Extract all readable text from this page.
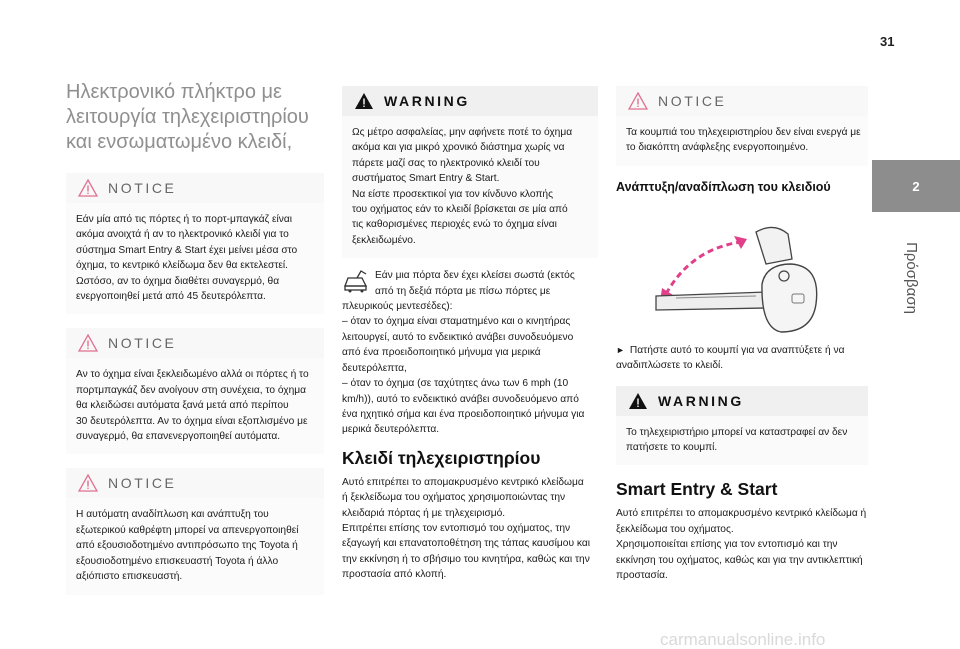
31
2
Πρόσβαση
Ηλεκτρονικό πλήκτρο με
λειτουργία τηλεχειριστηρίου
και ενσωματωμένο κλειδί,
NOTICE
Εάν μία από τις πόρτες ή το πορτ-μπαγκάζ είναι
ακόμα ανοιχτά ή αν το ηλεκτρονικό κλειδί για το
σύστημα Smart Entry & Start έχει μείνει μέσα στο
όχημα, το κεντρικό κλείδωμα δεν θα εκτελεστεί.
Ωστόσο, αν το όχημα διαθέτει συναγερμό, θα
ενεργοποιηθεί μετά από 45 δευτερόλεπτα.
NOTICE
Αν το όχημα είναι ξεκλειδωμένο αλλά οι πόρτες ή το
πορτμπαγκάζ δεν ανοίγουν στη συνέχεια, το όχημα
θα κλειδώσει αυτόματα ξανά μετά από περίπου
30 δευτερόλεπτα. Αν το όχημα είναι εξοπλισμένο με
συναγερμό, θα επανενεργοποιηθεί αυτόματα.
NOTICE
Η αυτόματη αναδίπλωση και ανάπτυξη του
εξωτερικού καθρέφτη μπορεί να απενεργοποιηθεί
από εξουσιοδοτημένο αντιπρόσωπο της Toyota ή
εξουσιοδοτημένο επισκευαστή Toyota ή άλλο
αξιόπιστο επισκευαστή.
WARNING
Ως μέτρο ασφαλείας, μην αφήνετε ποτέ το όχημα
ακόμα και για μικρό χρονικό διάστημα χωρίς να
πάρετε μαζί σας το ηλεκτρονικό κλειδί του
συστήματος Smart Entry & Start.
Να είστε προσεκτικοί για τον κίνδυνο κλοπής
του οχήματος εάν το κλειδί βρίσκεται σε μία από
τις καθορισμένες περιοχές ενώ το όχημα είναι
ξεκλειδωμένο.
Εάν μια πόρτα δεν έχει κλείσει σωστά (εκτός
από τη δεξιά πόρτα με πίσω πόρτες με
πλευρικούς μεντεσέδες):
– όταν το όχημα είναι σταματημένο και ο κινητήρας
λειτουργεί, αυτό το ενδεικτικό ανάβει συνοδευόμενο
από ένα προειδοποιητικό μήνυμα για μερικά
δευτερόλεπτα,
– όταν το όχημα (σε ταχύτητες άνω των 6 mph (10
km/h)), αυτό το ενδεικτικό ανάβει συνοδευόμενο από
ένα ηχητικό σήμα και ένα προειδοποιητικό μήνυμα για
μερικά δευτερόλεπτα.
Κλειδί τηλεχειριστηρίου
Αυτό επιτρέπει το απομακρυσμένο κεντρικό κλείδωμα
ή ξεκλείδωμα του οχήματος χρησιμοποιώντας την
κλειδαριά πόρτας ή με τηλεχειρισμό.
Επιτρέπει επίσης τον εντοπισμό του οχήματος, την
εξαγωγή και επανατοποθέτηση της τάπας καυσίμου και
την εκκίνηση ή το σβήσιμο του κινητήρα, καθώς και την
προστασία από κλοπή.
NOTICE
Τα κουμπιά του τηλεχειριστηρίου δεν είναι ενεργά με
το διακόπτη ανάφλεξης ενεργοποιημένο.
Ανάπτυξη/αναδίπλωση του κλειδιού
► Πατήστε αυτό το κουμπί για να αναπτύξετε ή να
αναδιπλώσετε το κλειδί.
WARNING
Το τηλεχειριστήριο μπορεί να καταστραφεί αν δεν
πατήσετε το κουμπί.
Smart Entry & Start
Αυτό επιτρέπει το απομακρυσμένο κεντρικό κλείδωμα ή
ξεκλείδωμα του οχήματος.
Χρησιμοποιείται επίσης για τον εντοπισμό και την
εκκίνηση του οχήματος, καθώς και για την αντικλεπτική
προστασία.
carmanualsonline.info
